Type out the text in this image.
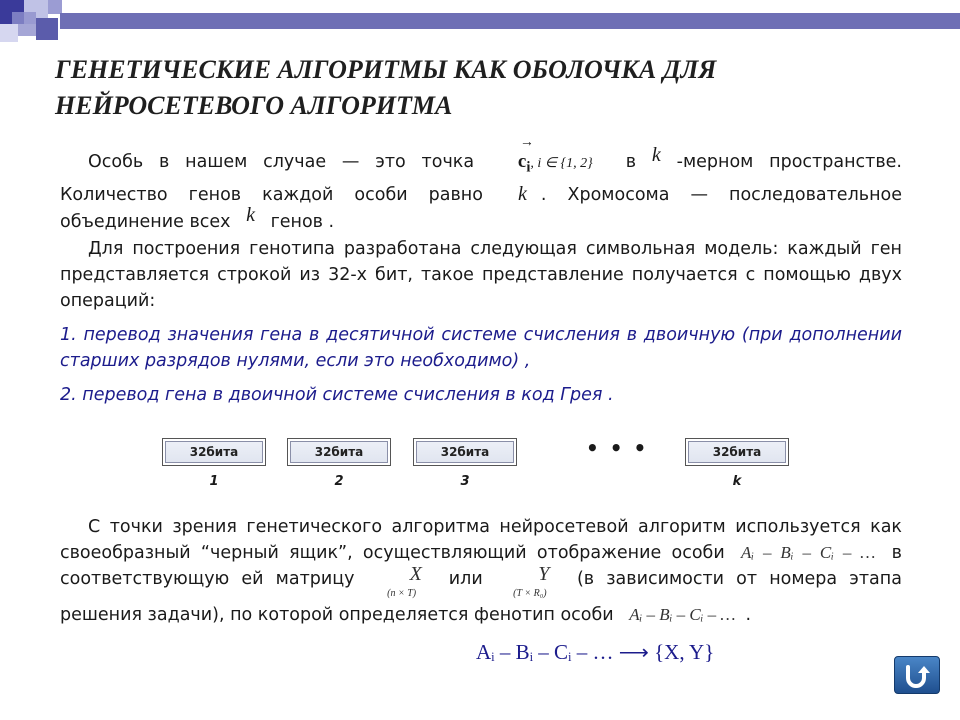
ГЕНЕТИЧЕСКИЕ АЛГОРИТМЫ КАК ОБОЛОЧКА ДЛЯ НЕЙРОСЕТЕВОГО АЛГОРИТМА
Особь в нашем случае — это точка
→
$c_i$, i ∈ {1, 2} в k -мерном пространстве. Количество генов каждой особи равно k . Хромосома — последовательное объединение всех k генов .
Для построения генотипа разработана следующая символьная модель: каждый ген представляется строкой из 32-х бит, такое представление получается с помощью двух операций:
1. перевод значения гена в десятичной системе счисления в двоичную (при дополнении старших разрядов нулями, если это необходимо) ,
2. перевод гена в двоичной системе счисления в код Грея .
32бита	32бита	32бита	32бита
• • •
1	2	3	k
С точки зрения генетического алгоритма нейросетевой алгоритм используется как своеобразный “черный ящик”, осуществляющий отображение особи Aᵢ – Bᵢ – Cᵢ – … в соответствующую ей матрицу	X
(n × T) или	Y
(T × R₀) (в зависимости от номера этапа решения задачи), по которой определяется фенотип особи Aᵢ – Bᵢ – Cᵢ – … .
Aᵢ – Bᵢ – Cᵢ – … ⟶ {X, Y}
